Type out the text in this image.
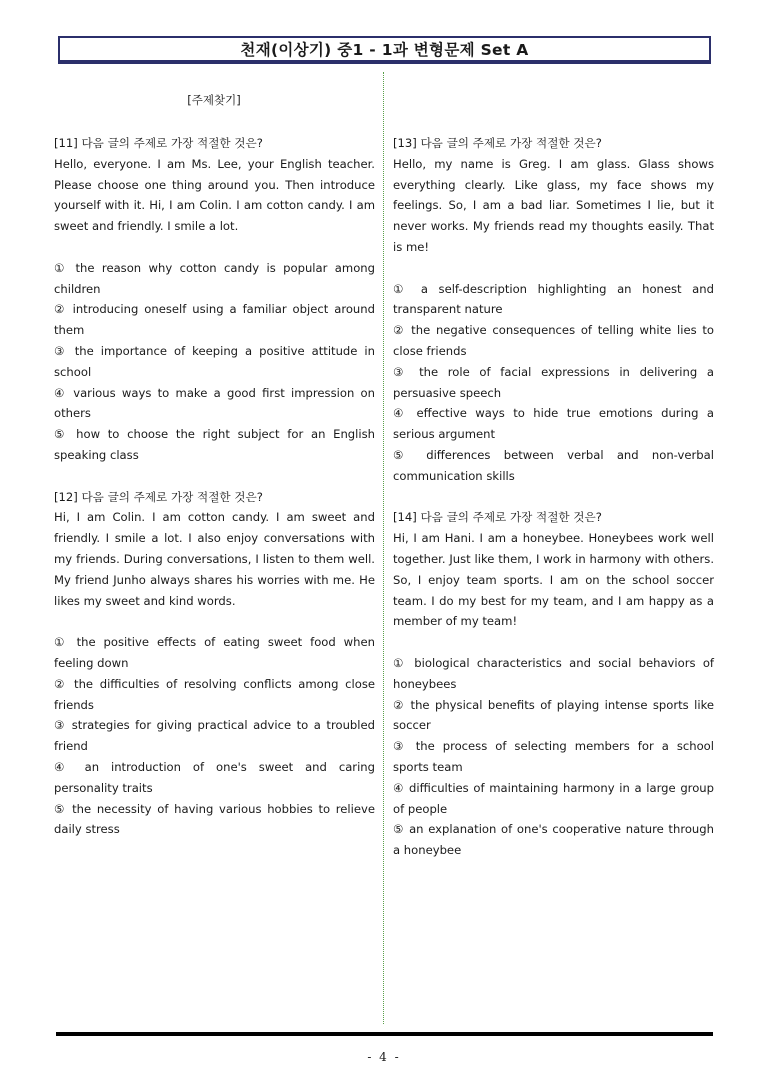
천재(이상기) 중1 - 1과 변형문제 Set A
[주제찾기]
[11] 다음 글의 주제로 가장 적절한 것은?

Hello, everyone. I am Ms. Lee, your English teacher. Please choose one thing around you. Then introduce yourself with it. Hi, I am Colin. I am cotton candy. I am sweet and friendly. I smile a lot.

① the reason why cotton candy is popular among children
② introducing oneself using a familiar object around them
③ the importance of keeping a positive attitude in school
④ various ways to make a good first impression on others
⑤ how to choose the right subject for an English speaking class
[12] 다음 글의 주제로 가장 적절한 것은?

Hi, I am Colin. I am cotton candy. I am sweet and friendly. I smile a lot. I also enjoy conversations with my friends. During conversations, I listen to them well. My friend Junho always shares his worries with me. He likes my sweet and kind words.

① the positive effects of eating sweet food when feeling down
② the difficulties of resolving conflicts among close friends
③ strategies for giving practical advice to a troubled friend
④ an introduction of one's sweet and caring personality traits
⑤ the necessity of having various hobbies to relieve daily stress
[13] 다음 글의 주제로 가장 적절한 것은?

Hello, my name is Greg. I am glass. Glass shows everything clearly. Like glass, my face shows my feelings. So, I am a bad liar. Sometimes I lie, but it never works. My friends read my thoughts easily. That is me!

① a self-description highlighting an honest and transparent nature
② the negative consequences of telling white lies to close friends
③ the role of facial expressions in delivering a persuasive speech
④ effective ways to hide true emotions during a serious argument
⑤ differences between verbal and non-verbal communication skills
[14] 다음 글의 주제로 가장 적절한 것은?

Hi, I am Hani. I am a honeybee. Honeybees work well together. Just like them, I work in harmony with others. So, I enjoy team sports. I am on the school soccer team. I do my best for my team, and I am happy as a member of my team!

① biological characteristics and social behaviors of honeybees
② the physical benefits of playing intense sports like soccer
③ the process of selecting members for a school sports team
④ difficulties of maintaining harmony in a large group of people
⑤ an explanation of one's cooperative nature through a honeybee
- 4 -
